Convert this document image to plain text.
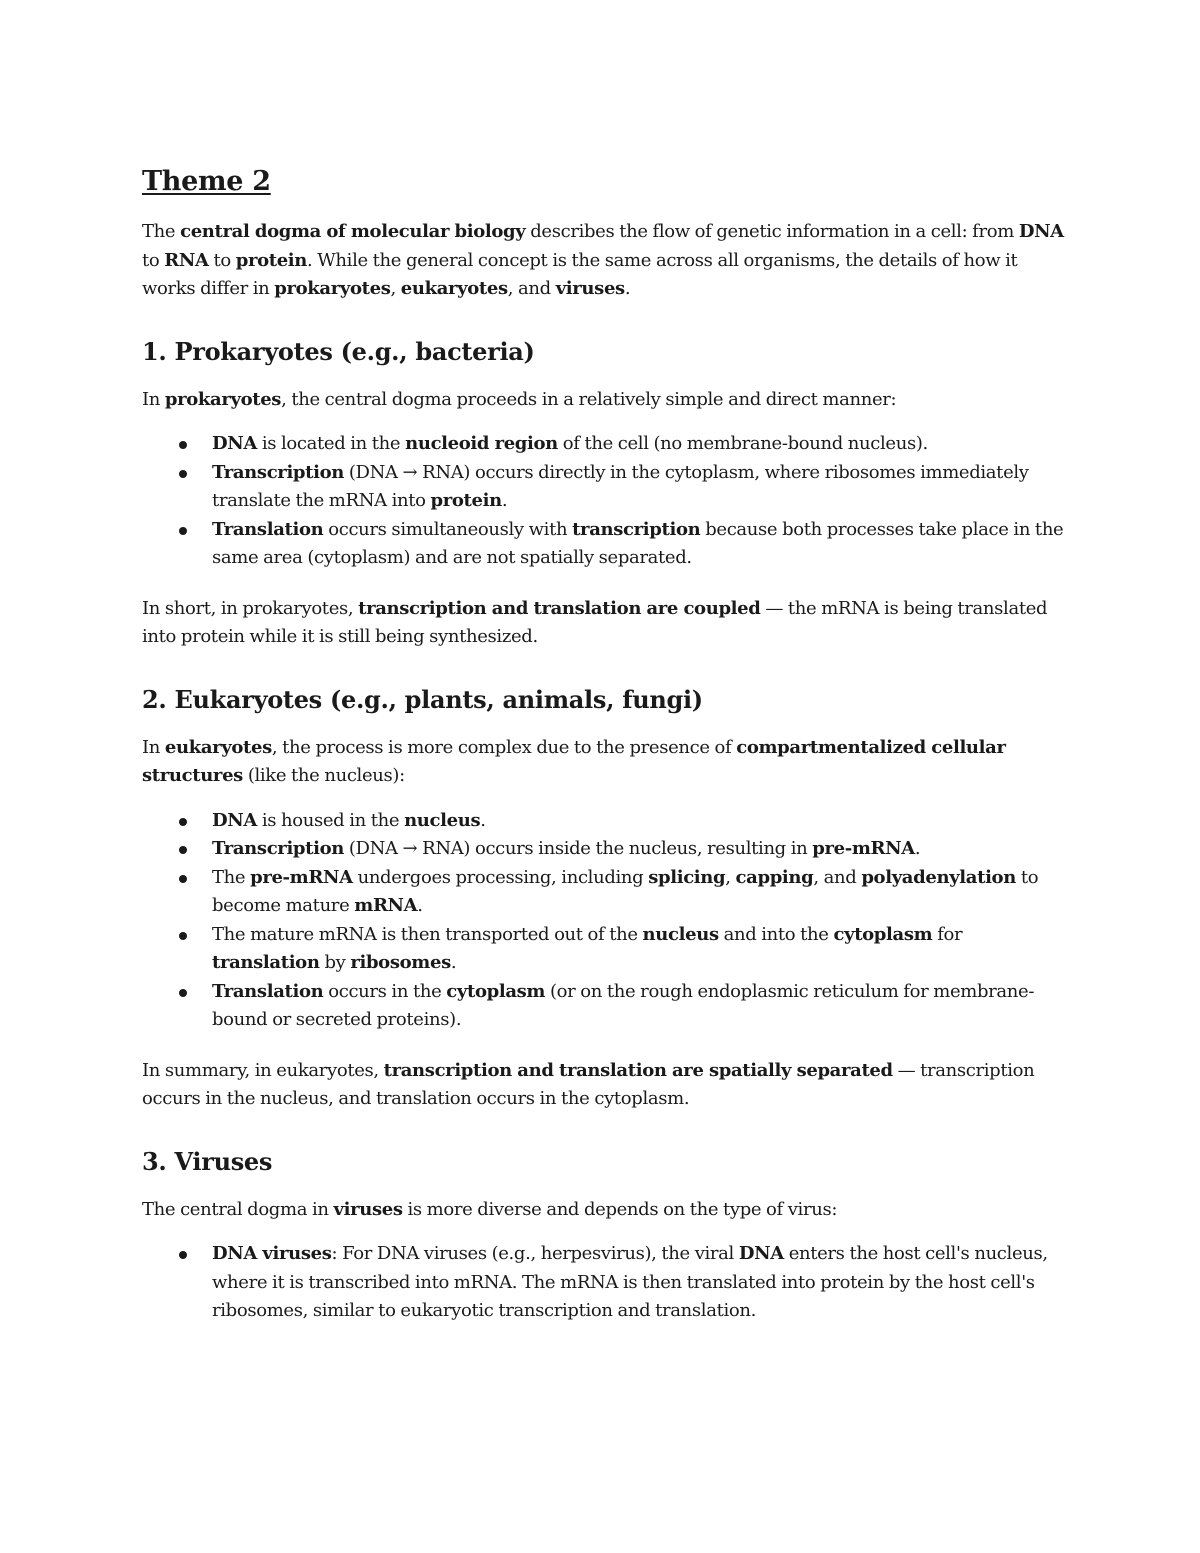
Theme 2

The central dogma of molecular biology describes the flow of genetic information in a cell: from DNA to RNA to protein. While the general concept is the same across all organisms, the details of how it works differ in prokaryotes, eukaryotes, and viruses.

1. Prokaryotes (e.g., bacteria)

In prokaryotes, the central dogma proceeds in a relatively simple and direct manner:

DNA is located in the nucleoid region of the cell (no membrane-bound nucleus).
Transcription (DNA → RNA) occurs directly in the cytoplasm, where ribosomes immediately translate the mRNA into protein.
Translation occurs simultaneously with transcription because both processes take place in the same area (cytoplasm) and are not spatially separated.

In short, in prokaryotes, transcription and translation are coupled — the mRNA is being translated into protein while it is still being synthesized.

2. Eukaryotes (e.g., plants, animals, fungi)

In eukaryotes, the process is more complex due to the presence of compartmentalized cellular structures (like the nucleus):

DNA is housed in the nucleus.
Transcription (DNA → RNA) occurs inside the nucleus, resulting in pre-mRNA.
The pre-mRNA undergoes processing, including splicing, capping, and polyadenylation to become mature mRNA.
The mature mRNA is then transported out of the nucleus and into the cytoplasm for translation by ribosomes.
Translation occurs in the cytoplasm (or on the rough endoplasmic reticulum for membrane-bound or secreted proteins).

In summary, in eukaryotes, transcription and translation are spatially separated — transcription occurs in the nucleus, and translation occurs in the cytoplasm.

3. Viruses

The central dogma in viruses is more diverse and depends on the type of virus:

DNA viruses: For DNA viruses (e.g., herpesvirus), the viral DNA enters the host cell's nucleus, where it is transcribed into mRNA. The mRNA is then translated into protein by the host cell's ribosomes, similar to eukaryotic transcription and translation.
